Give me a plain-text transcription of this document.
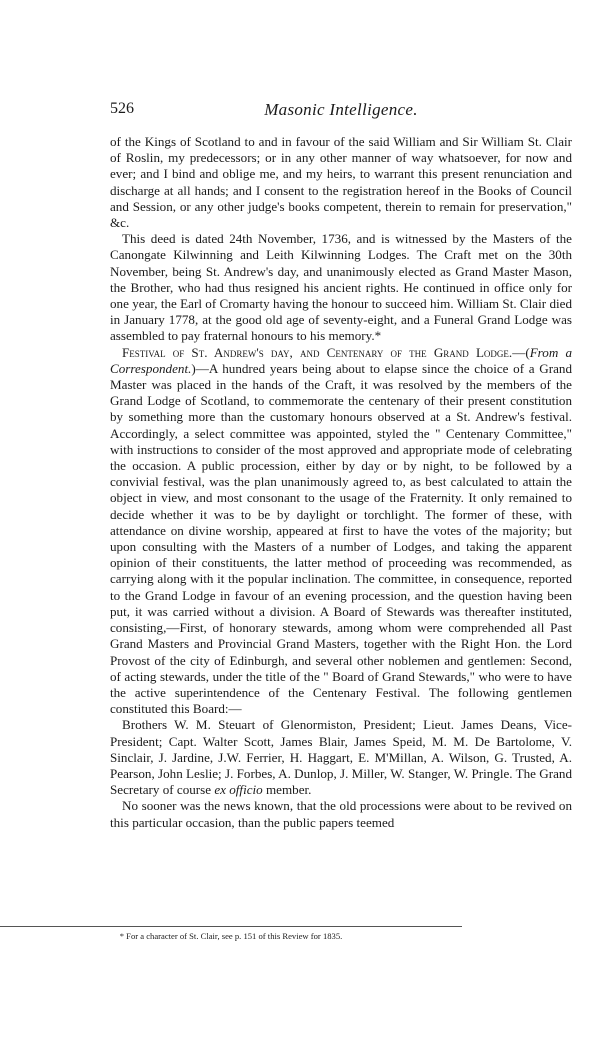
526	Masonic Intelligence.

of the Kings of Scotland to and in favour of the said William and Sir William St. Clair of Roslin, my predecessors; or in any other manner of way whatsoever, for now and ever; and I bind and oblige me, and my heirs, to warrant this present renunciation and discharge at all hands; and I consent to the registration hereof in the Books of Council and Session, or any other judge's books competent, therein to remain for preservation," &c.

This deed is dated 24th November, 1736, and is witnessed by the Masters of the Canongate Kilwinning and Leith Kilwinning Lodges. The Craft met on the 30th November, being St. Andrew's day, and unanimously elected as Grand Master Mason, the Brother, who had thus resigned his ancient rights. He continued in office only for one year, the Earl of Cromarty having the honour to succeed him. William St. Clair died in January 1778, at the good old age of seventy-eight, and a Funeral Grand Lodge was assembled to pay fraternal honours to his memory.*

Festival of St. Andrew's day, and Centenary of the Grand Lodge.—(From a Correspondent.)—A hundred years being about to elapse since the choice of a Grand Master was placed in the hands of the Craft, it was resolved by the members of the Grand Lodge of Scotland, to commemorate the centenary of their present constitution by something more than the customary honours observed at a St. Andrew's festival. Accordingly, a select committee was appointed, styled the " Centenary Committee," with instructions to consider of the most approved and appropriate mode of celebrating the occasion. A public procession, either by day or by night, to be followed by a convivial festival, was the plan unanimously agreed to, as best calculated to attain the object in view, and most consonant to the usage of the Fraternity. It only remained to decide whether it was to be by daylight or torchlight. The former of these, with attendance on divine worship, appeared at first to have the votes of the majority; but upon consulting with the Masters of a number of Lodges, and taking the apparent opinion of their constituents, the latter method of proceeding was recommended, as carrying along with it the popular inclination. The committee, in consequence, reported to the Grand Lodge in favour of an evening procession, and the question having been put, it was carried without a division. A Board of Stewards was thereafter instituted, consisting,—First, of honorary stewards, among whom were comprehended all Past Grand Masters and Provincial Grand Masters, together with the Right Hon. the Lord Provost of the city of Edinburgh, and several other noblemen and gentlemen: Second, of acting stewards, under the title of the " Board of Grand Stewards," who were to have the active superintendence of the Centenary Festival. The following gentlemen constituted this Board:—

Brothers W. M. Steuart of Glenormiston, President; Lieut. James Deans, Vice-President; Capt. Walter Scott, James Blair, James Speid, M. M. De Bartolome, V. Sinclair, J. Jardine, J.W. Ferrier, H. Haggart, E. M'Millan, A. Wilson, G. Trusted, A. Pearson, John Leslie; J. Forbes, A. Dunlop, J. Miller, W. Stanger, W. Pringle. The Grand Secretary of course ex officio member.

No sooner was the news known, that the old processions were about to be revived on this particular occasion, than the public papers teemed

* For a character of St. Clair, see p. 151 of this Review for 1835.
